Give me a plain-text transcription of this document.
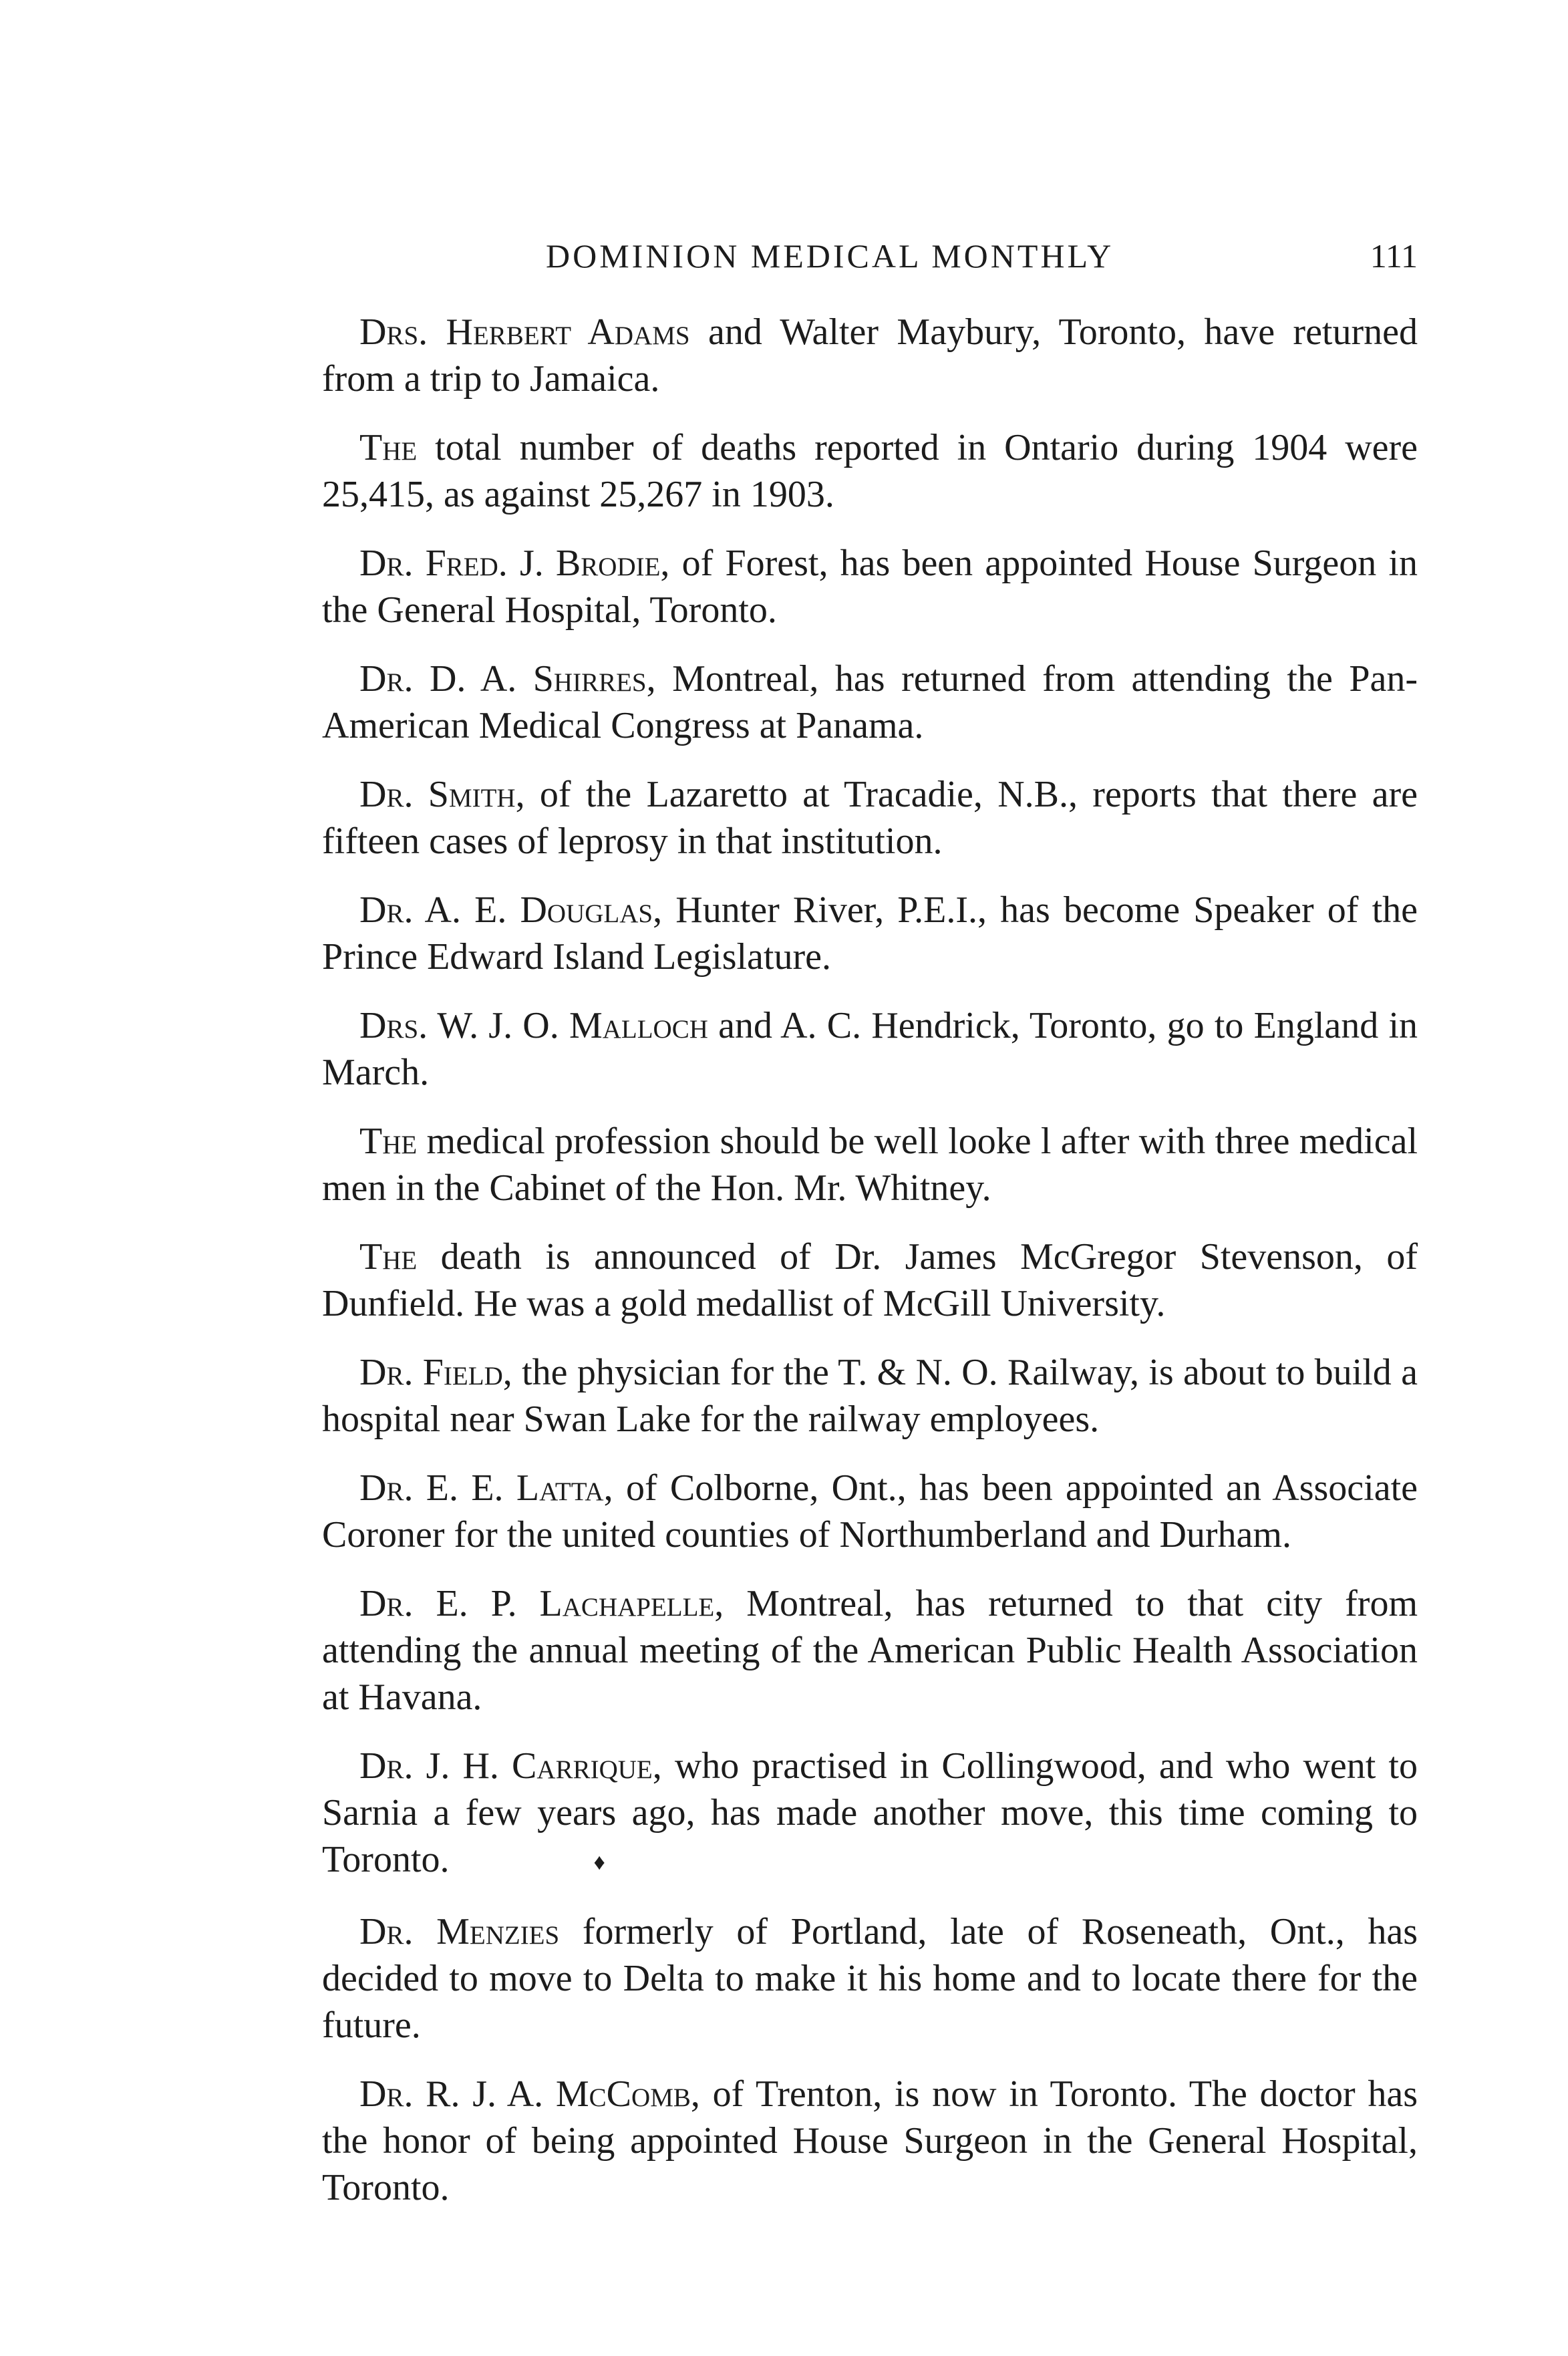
DOMINION MEDICAL MONTHLY	111

Drs. Herbert Adams and Walter Maybury, Toronto, have returned from a trip to Jamaica.

The total number of deaths reported in Ontario during 1904 were 25,415, as against 25,267 in 1903.

Dr. Fred. J. Brodie, of Forest, has been appointed House Surgeon in the General Hospital, Toronto.

Dr. D. A. Shirres, Montreal, has returned from attending the Pan-American Medical Congress at Panama.

Dr. Smith, of the Lazaretto at Tracadie, N.B., reports that there are fifteen cases of leprosy in that institution.

Dr. A. E. Douglas, Hunter River, P.E.I., has become Speaker of the Prince Edward Island Legislature.

Drs. W. J. O. Malloch and A. C. Hendrick, Toronto, go to England in March.

The medical profession should be well looke l after with three medical men in the Cabinet of the Hon. Mr. Whitney.

The death is announced of Dr. James McGregor Stevenson, of Dunfield. He was a gold medallist of McGill University.

Dr. Field, the physician for the T. & N. O. Railway, is about to build a hospital near Swan Lake for the railway employees.

Dr. E. E. Latta, of Colborne, Ont., has been appointed an Associate Coroner for the united counties of Northumberland and Durham.

Dr. E. P. Lachapelle, Montreal, has returned to that city from attending the annual meeting of the American Public Health Association at Havana.

Dr. J. H. Carrique, who practised in Collingwood, and who went to Sarnia a few years ago, has made another move, this time coming to Toronto.	♦

Dr. Menzies formerly of Portland, late of Roseneath, Ont., has decided to move to Delta to make it his home and to locate there for the future.

Dr. R. J. A. McComb, of Trenton, is now in Toronto. The doctor has the honor of being appointed House Surgeon in the General Hospital, Toronto.
